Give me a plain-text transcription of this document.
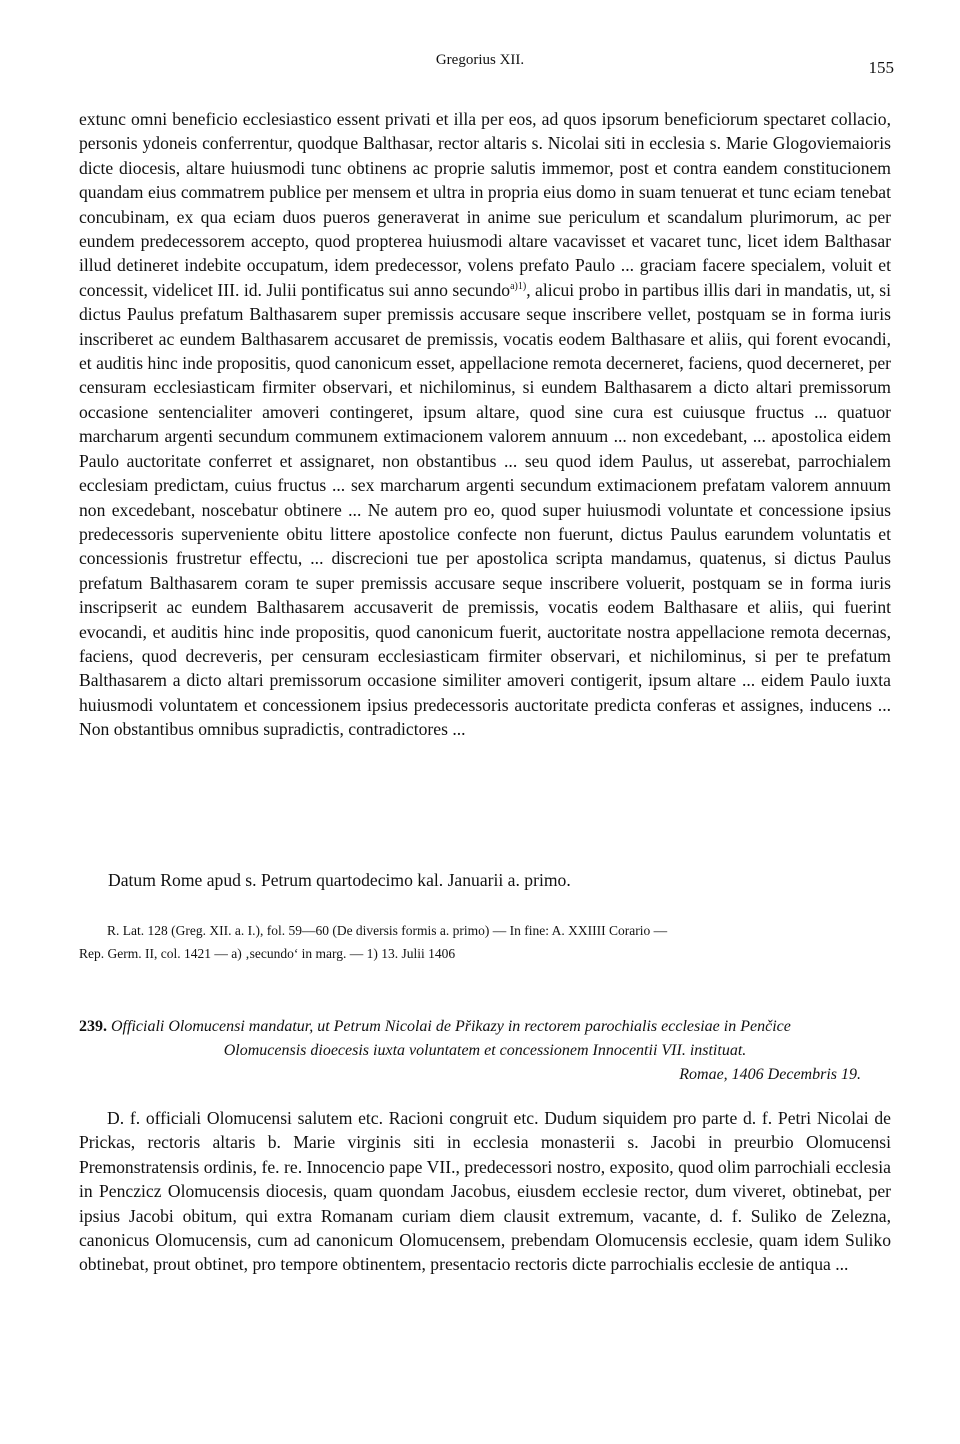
Gregorius XII.	155
extunc omni beneficio ecclesiastico essent privati et illa per eos, ad quos ipsorum beneficiorum spectaret collacio, personis ydoneis conferrentur, quodque Balthasar, rector altaris s. Nicolai siti in ecclesia s. Marie Glogoviemaioris dicte diocesis, altare huiusmodi tunc obtinens ac proprie salutis immemor, post et contra eandem constitucionem quandam eius commatrem publice per mensem et ultra in propria eius domo in suam tenuerat et tunc eciam tenebat concubinam, ex qua eciam duos pueros generaverat in anime sue periculum et scandalum plurimorum, ac per eundem predecessorem accepto, quod propterea huiusmodi altare vacavisset et vacaret tunc, licet idem Balthasar illud detineret indebite occupatum, idem predecessor, volens prefato Paulo ... graciam facere specialem, voluit et concessit, videlicet III. id. Julii pontificatus sui anno secundo$^{a)1)}$, alicui probo in partibus illis dari in mandatis, ut, si dictus Paulus prefatum Balthasarem super premissis accusare seque inscribere vellet, postquam se in forma iuris inscriberet ac eundem Balthasarem accusaret de premissis, vocatis eodem Balthasare et aliis, qui forent evocandi, et auditis hinc inde propositis, quod canonicum esset, appellacione remota decerneret, faciens, quod decerneret, per censuram ecclesiasticam firmiter observari, et nichilominus, si eundem Balthasarem a dicto altari premissorum occasione sentencialiter amoveri contingeret, ipsum altare, quod sine cura est cuiusque fructus ... quatuor marcharum argenti secundum communem extimacionem valorem annuum ... non excedebant, ... apostolica eidem Paulo auctoritate conferret et assignaret, non obstantibus ... seu quod idem Paulus, ut asserebat, parrochialem ecclesiam predictam, cuius fructus ... sex marcharum argenti secundum extimacionem prefatam valorem annuum non excedebant, noscebatur obtinere ... Ne autem pro eo, quod super huiusmodi voluntate et concessione ipsius predecessoris superveniente obitu littere apostolice confecte non fuerunt, dictus Paulus earundem voluntatis et concessionis frustretur effectu, ... discrecioni tue per apostolica scripta mandamus, quatenus, si dictus Paulus prefatum Balthasarem coram te super premissis accusare seque inscribere voluerit, postquam se in forma iuris inscripserit ac eundem Balthasarem accusaverit de premissis, vocatis eodem Balthasare et aliis, qui fuerint evocandi, et auditis hinc inde propositis, quod canonicum fuerit, auctoritate nostra appellacione remota decernas, faciens, quod decreveris, per censuram ecclesiasticam firmiter observari, et nichilominus, si per te prefatum Balthasarem a dicto altari premissorum occasione similiter amoveri contigerit, ipsum altare ... eidem Paulo iuxta huiusmodi voluntatem et concessionem ipsius predecessoris auctoritate predicta conferas et assignes, inducens ... Non obstantibus omnibus supradictis, contradictores ...
Datum Rome apud s. Petrum quartodecimo kal. Januarii a. primo.
R. Lat. 128 (Greg. XII. a. I.), fol. 59—60 (De diversis formis a. primo) — In fine: A. XXIIII Corario —
Rep. Germ. II, col. 1421 — a) ‚secundo‘ in marg. — 1) 13. Julii 1406
239. Officiali Olomucensi mandatur, ut Petrum Nicolai de Přikazy in rectorem parochialis ecclesiae in Penčice
Olomucensis dioecesis iuxta voluntatem et concessionem Innocentii VII. instituat.
Romae, 1406 Decembris 19.
D. f. officiali Olomucensi salutem etc. Racioni congruit etc. Dudum siquidem pro parte d. f. Petri Nicolai de Prickas, rectoris altaris b. Marie virginis siti in ecclesia monasterii s. Jacobi in preurbio Olomucensi Premonstratensis ordinis, fe. re. Innocencio pape VII., predecessori nostro, exposito, quod olim parrochiali ecclesia in Penczicz Olomucensis diocesis, quam quondam Jacobus, eiusdem ecclesie rector, dum viveret, obtinebat, per ipsius Jacobi obitum, qui extra Romanam curiam diem clausit extremum, vacante, d. f. Suliko de Zelezna, canonicus Olomucensis, cum ad canonicum Olomucensem, prebendam Olomucensis ecclesie, quam idem Suliko obtinebat, prout obtinet, pro tempore obtinentem, presentacio rectoris dicte parrochialis ecclesie de antiqua ...
